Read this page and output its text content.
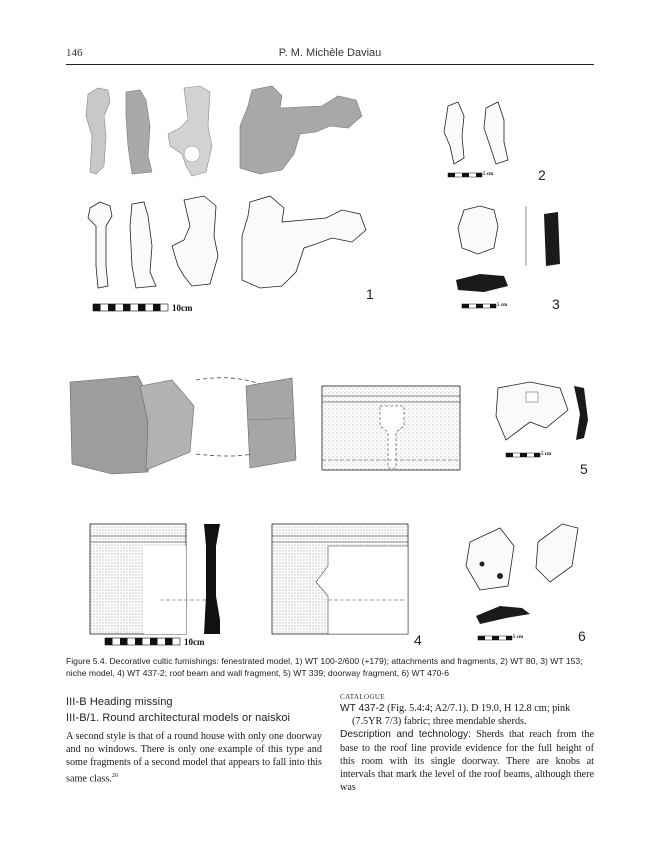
146	P. M. Michèle Daviau
10cm
10cm
5 cm
5 cm
5 cm
5 cm
1
2
3
4
5
6

Figure 5.4. Decorative cultic furnishings: fenestrated model, 1) WT 100-2/600 (+179); attachments and fragments, 2) WT 80, 3) WT 153; niche model, 4) WT 437-2; roof beam and wall fragment, 5) WT 339; doorway fragment, 6) WT 470-6

III-B Heading missing
III-B/1. Round architectural models or naiskoi

A second style is that of a round house with only one doorway and no windows. There is only one example of this type and some fragments of a second model that appears to fall into this same class.$^{20}$

CATALOGUE
WT 437-2 (Fig. 5.4:4; A2/7.1). D 19.0, H 12.8 cm; pink
(7.5YR 7/3) fabric; three mendable sherds.
Description and technology: Sherds that reach from the base to the roof line provide evidence for the full height of this room with its single doorway. There are knobs at intervals that mark the level of the roof beams, although there was
